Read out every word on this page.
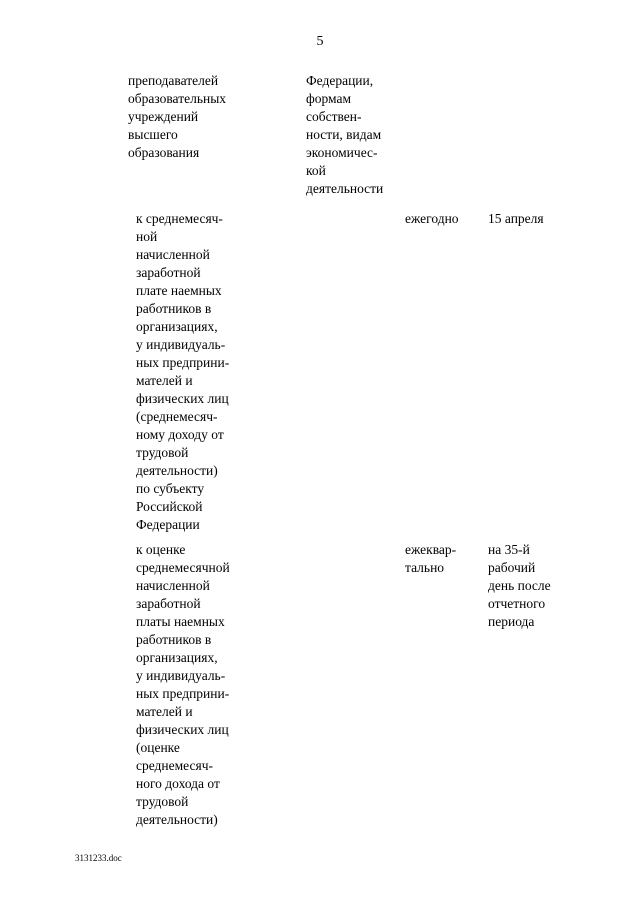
5
преподавателей
образовательных
учреждений
высшего
образования
Федерации,
формам
собствен-
ности, видам
экономичес-
кой
деятельности
к среднемесяч-
ной
начисленной
заработной
плате наемных
работников в
организациях,
у индивидуаль-
ных предприни-
мателей и
физических лиц
(среднемесяч-
ному доходу от
трудовой
деятельности)
по субъекту
Российской
Федерации
ежегодно	15 апреля
к оценке
среднемесячной
начисленной
заработной
платы наемных
работников в
организациях,
у индивидуаль-
ных предприни-
мателей и
физических лиц
(оценке
среднемесяч-
ного дохода от
трудовой
деятельности)
ежеквар-
тально
на 35-й
рабочий
день после
отчетного
периода
3131233.doc
